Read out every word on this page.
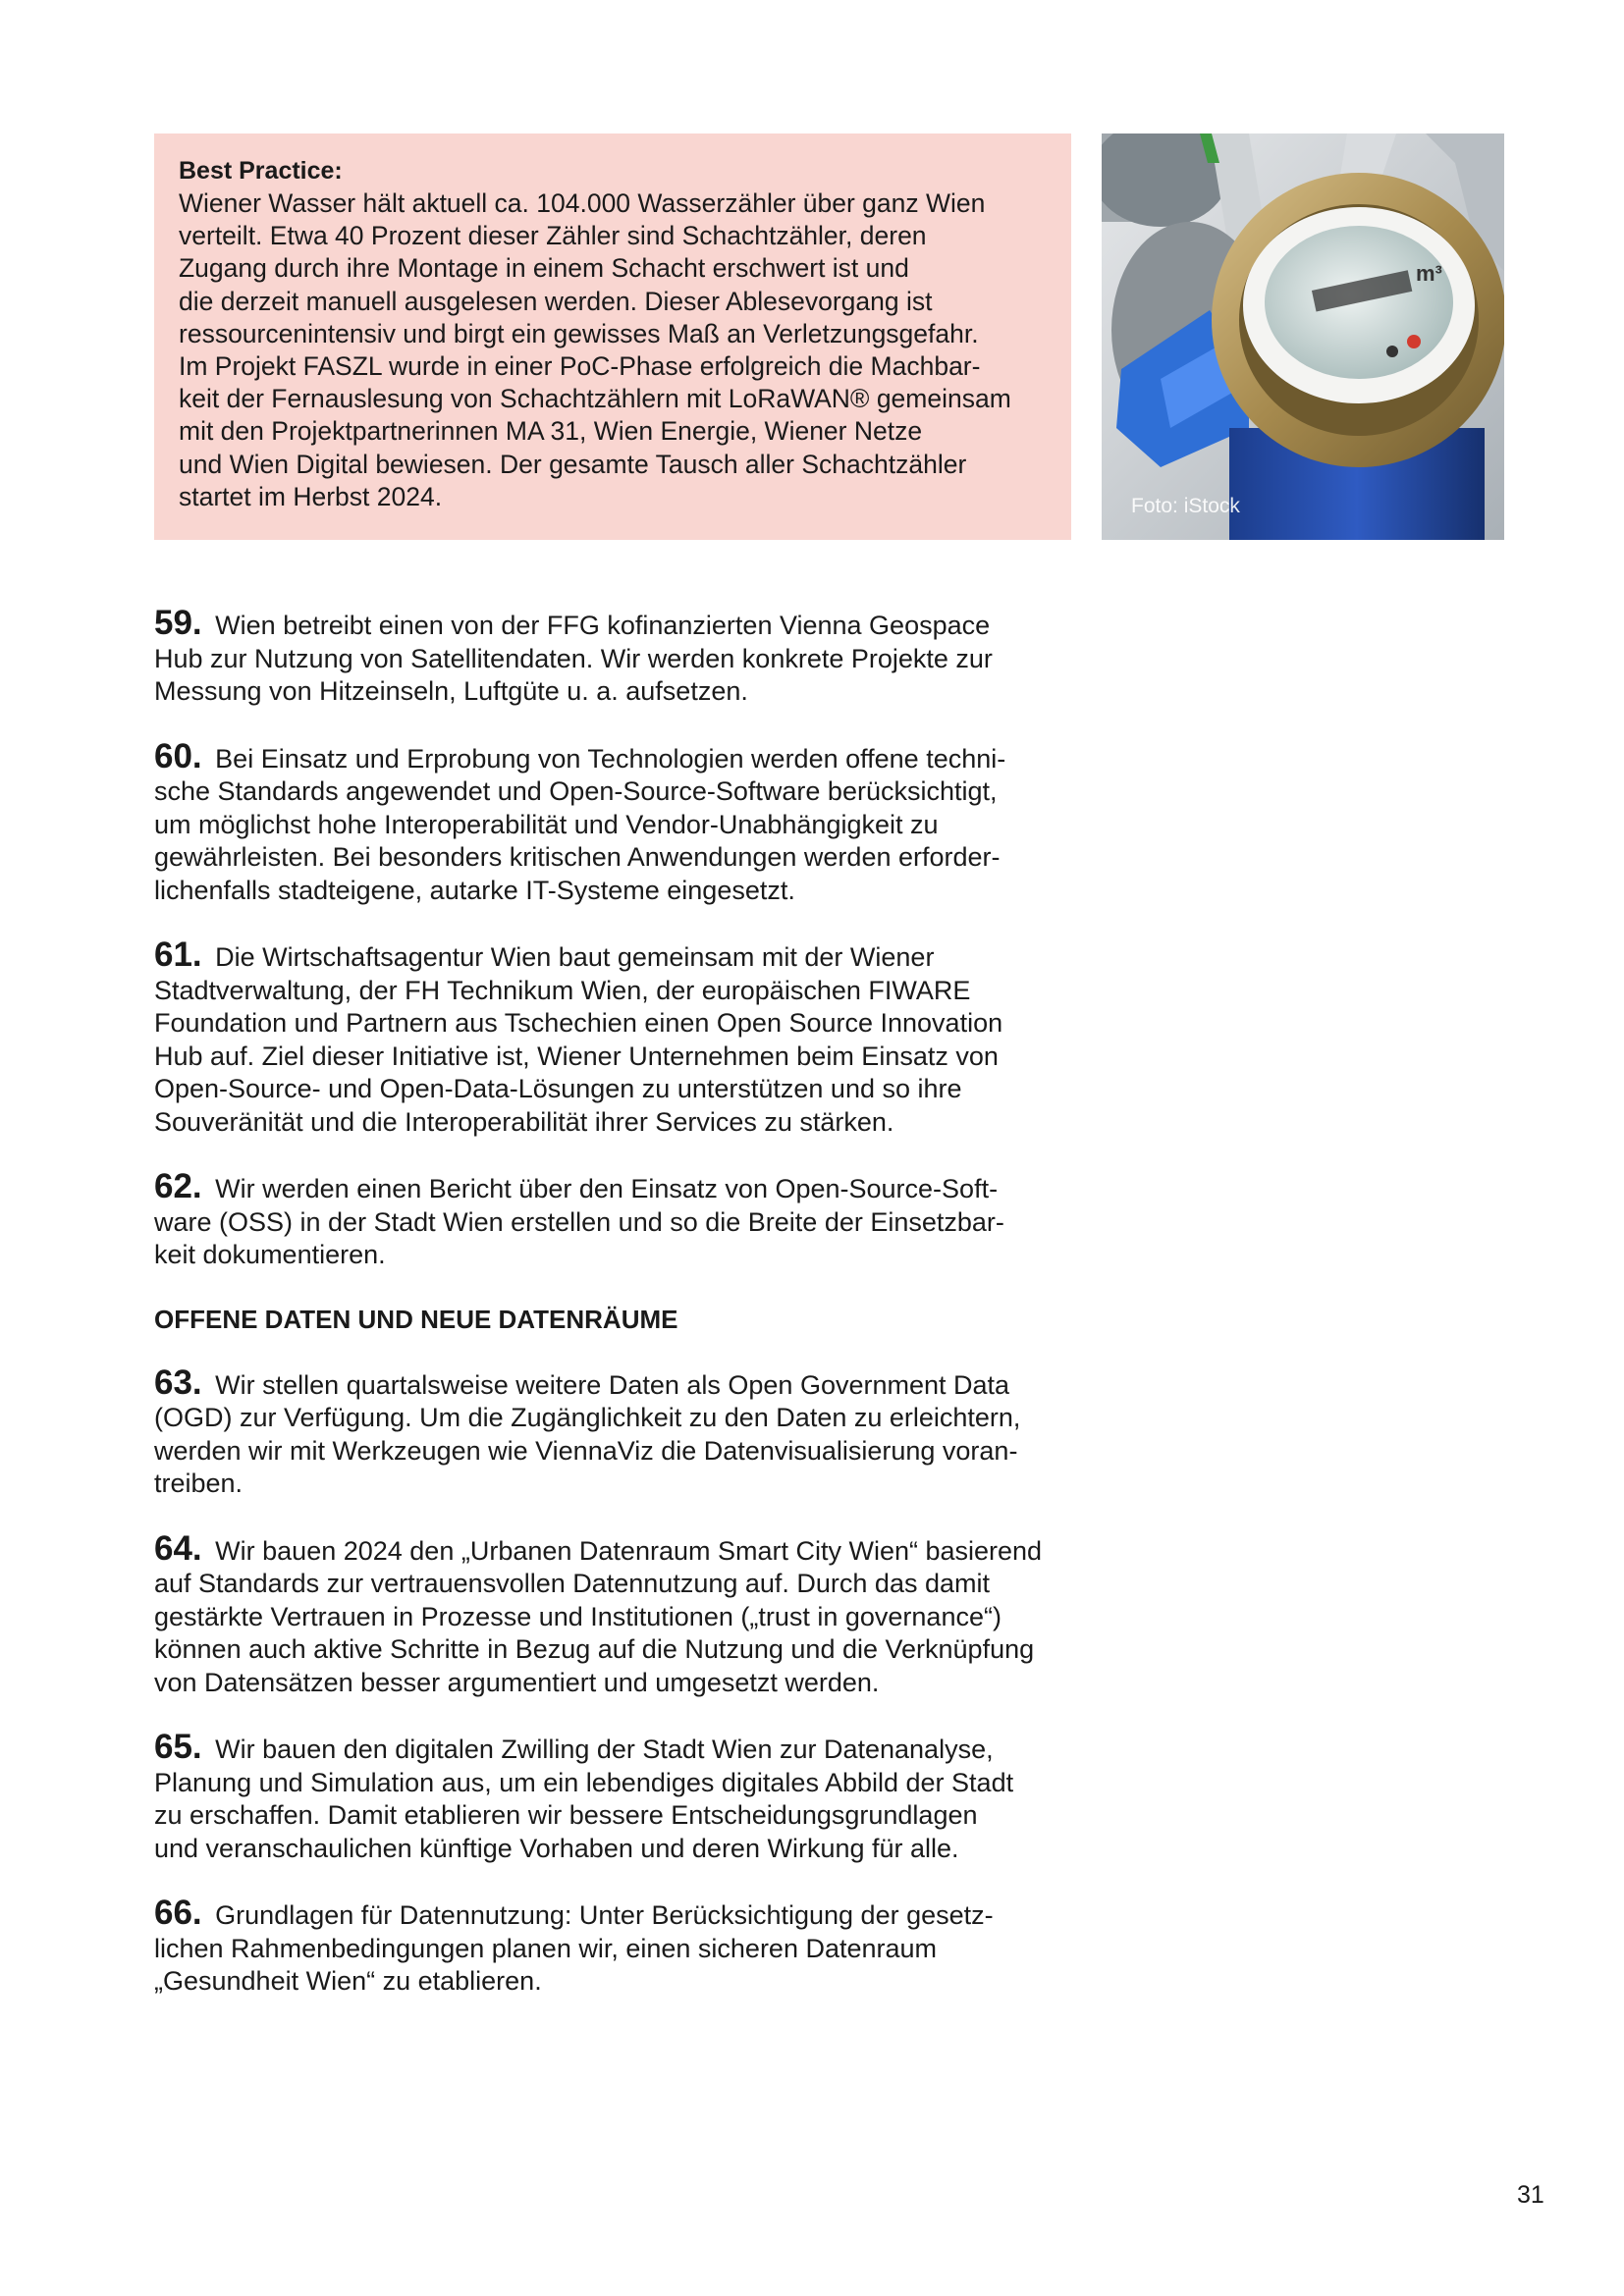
Best Practice:
Wiener Wasser hält aktuell ca. 104.000 Wasserzähler über ganz Wien
verteilt. Etwa 40 Prozent dieser Zähler sind Schachtzähler, deren
Zugang durch ihre Montage in einem Schacht erschwert ist und
die derzeit manuell ausgelesen werden. Dieser Ablesevorgang ist
ressourcenintensiv und birgt ein gewisses Maß an Verletzungsgefahr.
Im Projekt FASZL wurde in einer PoC-Phase erfolgreich die Machbar-
keit der Fernauslesung von Schachtzählern mit LoRaWAN® gemeinsam
mit den Projektpartnerinnen MA 31, Wien Energie, Wiener Netze
und Wien Digital bewiesen. Der gesamte Tausch aller Schachtzähler
startet im Herbst 2024.
m³
Foto: iStock
59. Wien betreibt einen von der FFG kofinanzierten Vienna Geospace
Hub zur Nutzung von Satellitendaten. Wir werden konkrete Projekte zur
Messung von Hitzeinseln, Luftgüte u. a. aufsetzen.
60. Bei Einsatz und Erprobung von Technologien werden offene techni-
sche Standards angewendet und Open-Source-Software berücksichtigt,
um möglichst hohe Interoperabilität und Vendor-Unabhängigkeit zu
gewährleisten. Bei besonders kritischen Anwendungen werden erforder-
lichenfalls stadteigene, autarke IT-Systeme eingesetzt.
61. Die Wirtschaftsagentur Wien baut gemeinsam mit der Wiener
Stadtverwaltung, der FH Technikum Wien, der europäischen FIWARE
Foundation und Partnern aus Tschechien einen Open Source Innovation
Hub auf. Ziel dieser Initiative ist, Wiener Unternehmen beim Einsatz von
Open-Source- und Open-Data-Lösungen zu unterstützen und so ihre
Souveränität und die Interoperabilität ihrer Services zu stärken.
62. Wir werden einen Bericht über den Einsatz von Open-Source-Soft-
ware (OSS) in der Stadt Wien erstellen und so die Breite der Einsetzbar-
keit dokumentieren.
OFFENE DATEN UND NEUE DATENRÄUME
63. Wir stellen quartalsweise weitere Daten als Open Government Data
(OGD) zur Verfügung. Um die Zugänglichkeit zu den Daten zu erleichtern,
werden wir mit Werkzeugen wie ViennaViz die Datenvisualisierung voran-
treiben.
64. Wir bauen 2024 den „Urbanen Datenraum Smart City Wien“ basierend
auf Standards zur vertrauensvollen Datennutzung auf. Durch das damit
gestärkte Vertrauen in Prozesse und Institutionen („trust in governance“)
können auch aktive Schritte in Bezug auf die Nutzung und die Verknüpfung
von Datensätzen besser argumentiert und umgesetzt werden.
65. Wir bauen den digitalen Zwilling der Stadt Wien zur Datenanalyse,
Planung und Simulation aus, um ein lebendiges digitales Abbild der Stadt
zu erschaffen. Damit etablieren wir bessere Entscheidungsgrundlagen
und veranschaulichen künftige Vorhaben und deren Wirkung für alle.
66. Grundlagen für Datennutzung: Unter Berücksichtigung der gesetz-
lichen Rahmenbedingungen planen wir, einen sicheren Datenraum
„Gesundheit Wien“ zu etablieren.
31
